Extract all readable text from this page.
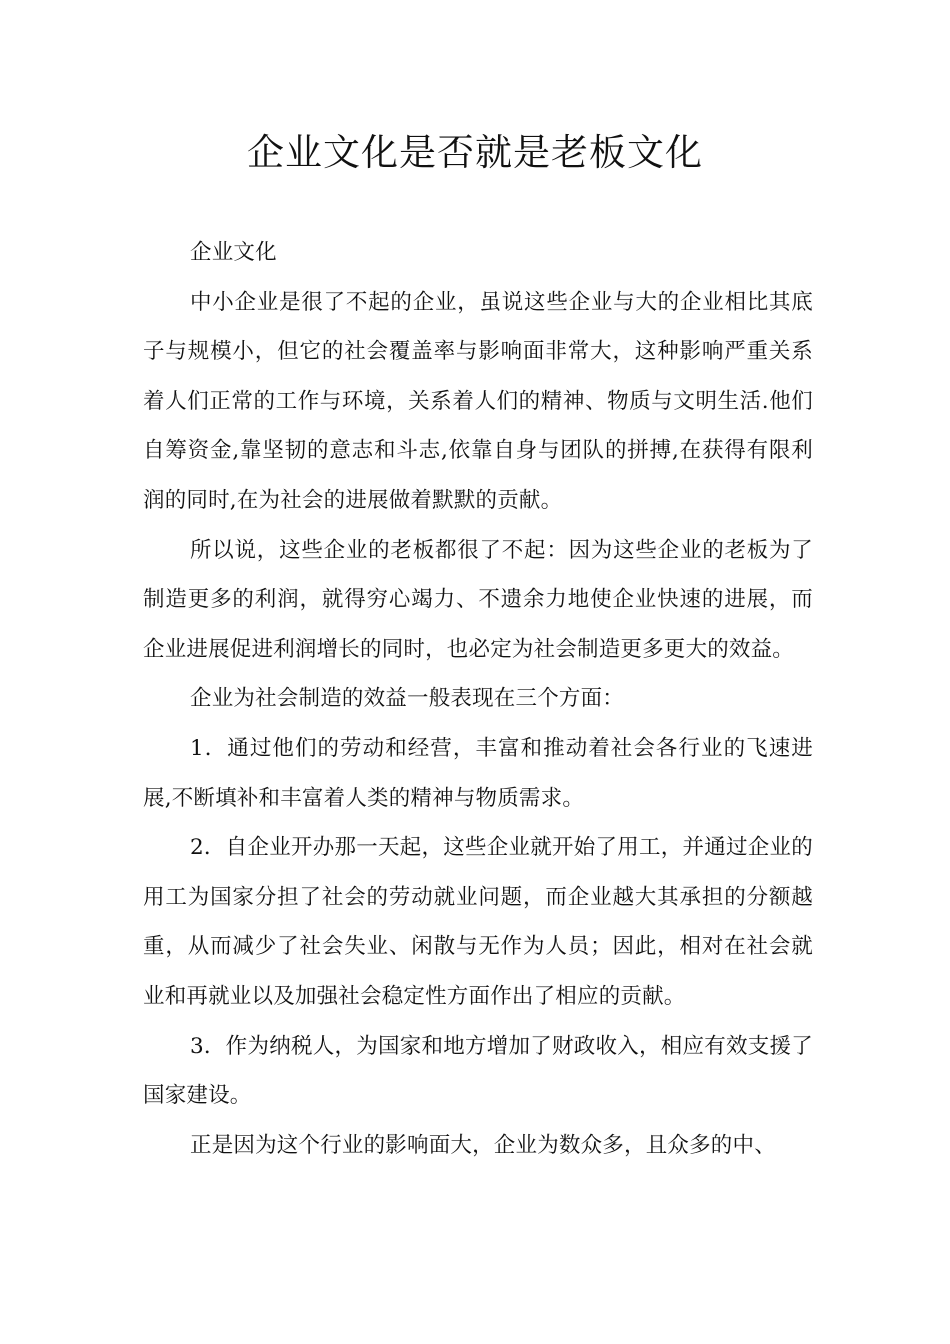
企业文化是否就是老板文化

企业文化

中小企业是很了不起的企业，虽说这些企业与大的企业相比其底子与规模小，但它的社会覆盖率与影响面非常大，这种影响严重关系着人们正常的工作与环境，关系着人们的精神、物质与文明生活.他们自筹资金,靠坚韧的意志和斗志,依靠自身与团队的拼搏,在获得有限利润的同时,在为社会的进展做着默默的贡献。

所以说，这些企业的老板都很了不起：因为这些企业的老板为了制造更多的利润，就得穷心竭力、不遗余力地使企业快速的进展，而企业进展促进利润增长的同时，也必定为社会制造更多更大的效益。

企业为社会制造的效益一般表现在三个方面：

1．通过他们的劳动和经营，丰富和推动着社会各行业的飞速进展,不断填补和丰富着人类的精神与物质需求。

2．自企业开办那一天起，这些企业就开始了用工，并通过企业的用工为国家分担了社会的劳动就业问题，而企业越大其承担的分额越重，从而减少了社会失业、闲散与无作为人员；因此，相对在社会就业和再就业以及加强社会稳定性方面作出了相应的贡献。

3．作为纳税人，为国家和地方增加了财政收入，相应有效支援了国家建设。

正是因为这个行业的影响面大，企业为数众多，且众多的中、
